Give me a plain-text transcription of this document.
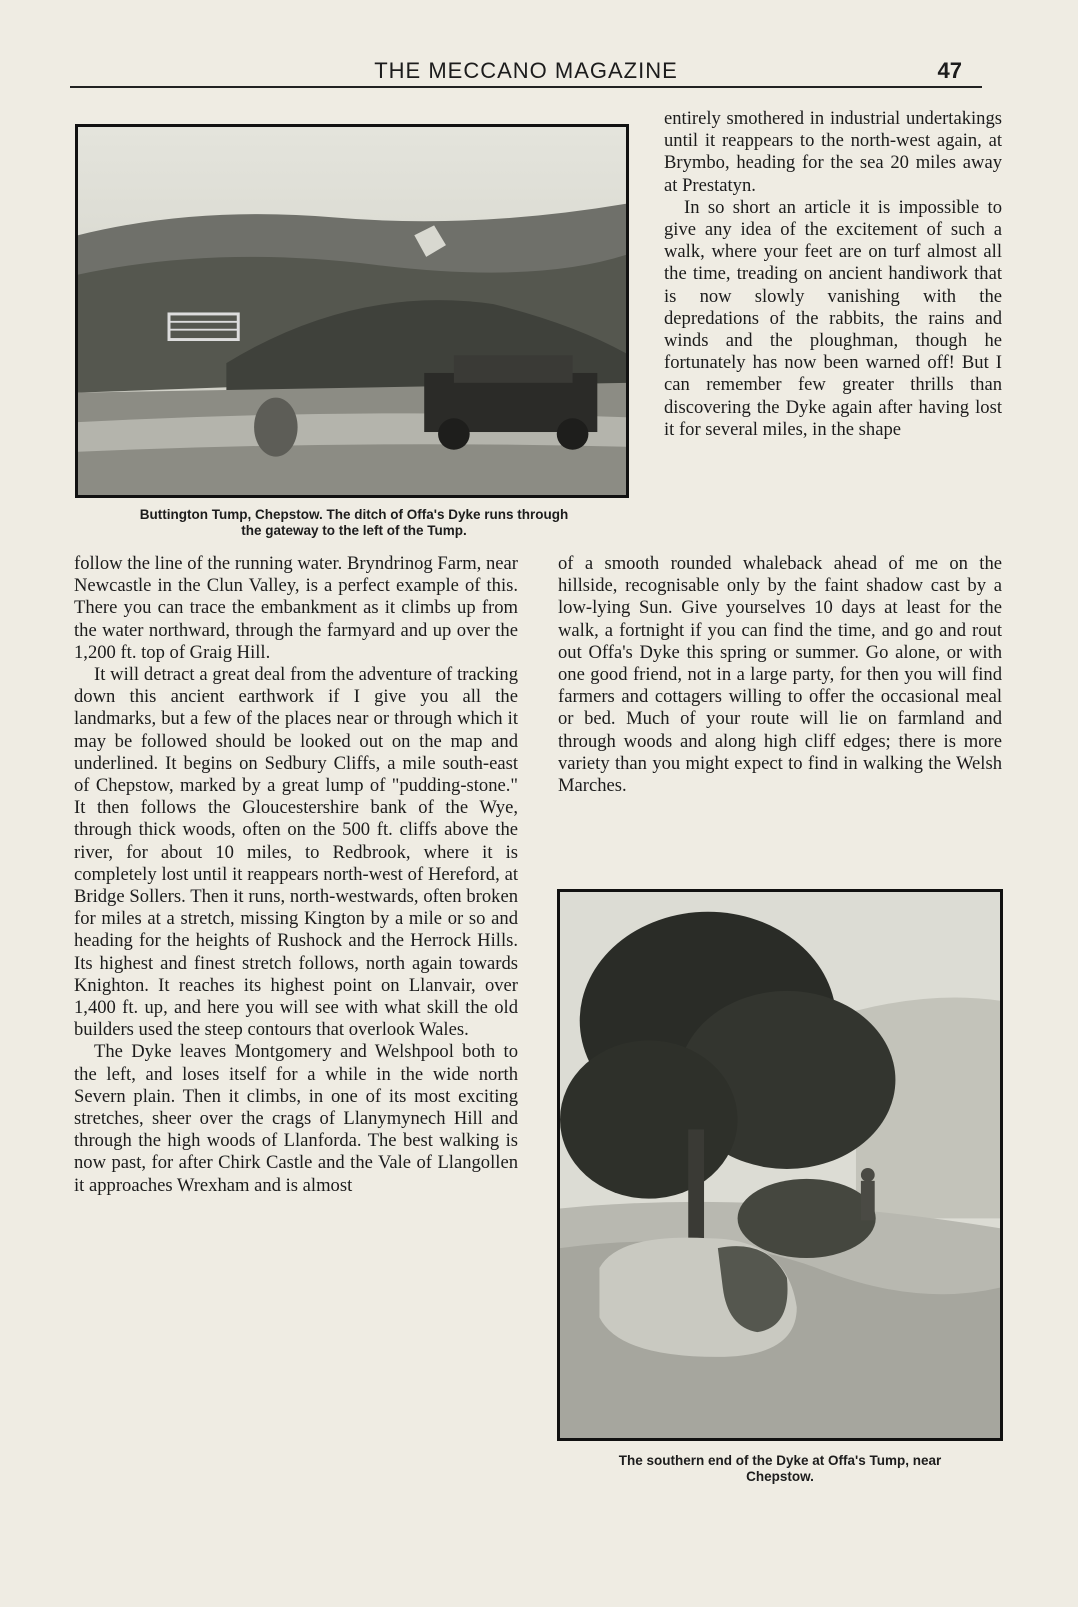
THE MECCANO MAGAZINE	47
Buttington Tump, Chepstow. The ditch of Offa's Dyke runs through
the gateway to the left of the Tump.

entirely smothered in industrial undertakings until it reappears to the north-west again, at Brymbo, heading for the sea 20 miles away at Prestatyn.

In so short an article it is impossible to give any idea of the excitement of such a walk, where your feet are on turf almost all the time, treading on ancient handiwork that is now slowly vanishing with the depredations of the rabbits, the rains and winds and the ploughman, though he fortunately has now been warned off! But I can remember few greater thrills than discovering the Dyke again after having lost it for several miles, in the shape

of a smooth rounded whaleback ahead of me on the hillside, recognisable only by the faint shadow cast by a low-lying Sun. Give yourselves 10 days at least for the walk, a fortnight if you can find the time, and go and rout out Offa's Dyke this spring or summer. Go alone, or with one good friend, not in a large party, for then you will find farmers and cottagers willing to offer the occasional meal or bed. Much of your route will lie on farmland and through woods and along high cliff edges; there is more variety than you might expect to find in walking the Welsh Marches.

follow the line of the running water. Bryndrinog Farm, near Newcastle in the Clun Valley, is a perfect example of this. There you can trace the embankment as it climbs up from the water northward, through the farmyard and up over the 1,200 ft. top of Graig Hill.

It will detract a great deal from the adventure of tracking down this ancient earthwork if I give you all the landmarks, but a few of the places near or through which it may be followed should be looked out on the map and underlined. It begins on Sedbury Cliffs, a mile south-east of Chepstow, marked by a great lump of "pudding-stone." It then follows the Gloucestershire bank of the Wye, through thick woods, often on the 500 ft. cliffs above the river, for about 10 miles, to Redbrook, where it is completely lost until it reappears north-west of Hereford, at Bridge Sollers. Then it runs, north-westwards, often broken for miles at a stretch, missing Kington by a mile or so and heading for the heights of Rushock and the Herrock Hills. Its highest and finest stretch follows, north again towards Knighton. It reaches its highest point on Llanvair, over 1,400 ft. up, and here you will see with what skill the old builders used the steep contours that overlook Wales.

The Dyke leaves Montgomery and Welshpool both to the left, and loses itself for a while in the wide north Severn plain. Then it climbs, in one of its most exciting stretches, sheer over the crags of Llanymynech Hill and through the high woods of Llanforda. The best walking is now past, for after Chirk Castle and the Vale of Llangollen it approaches Wrexham and is almost

The southern end of the Dyke at Offa's Tump, near
Chepstow.
